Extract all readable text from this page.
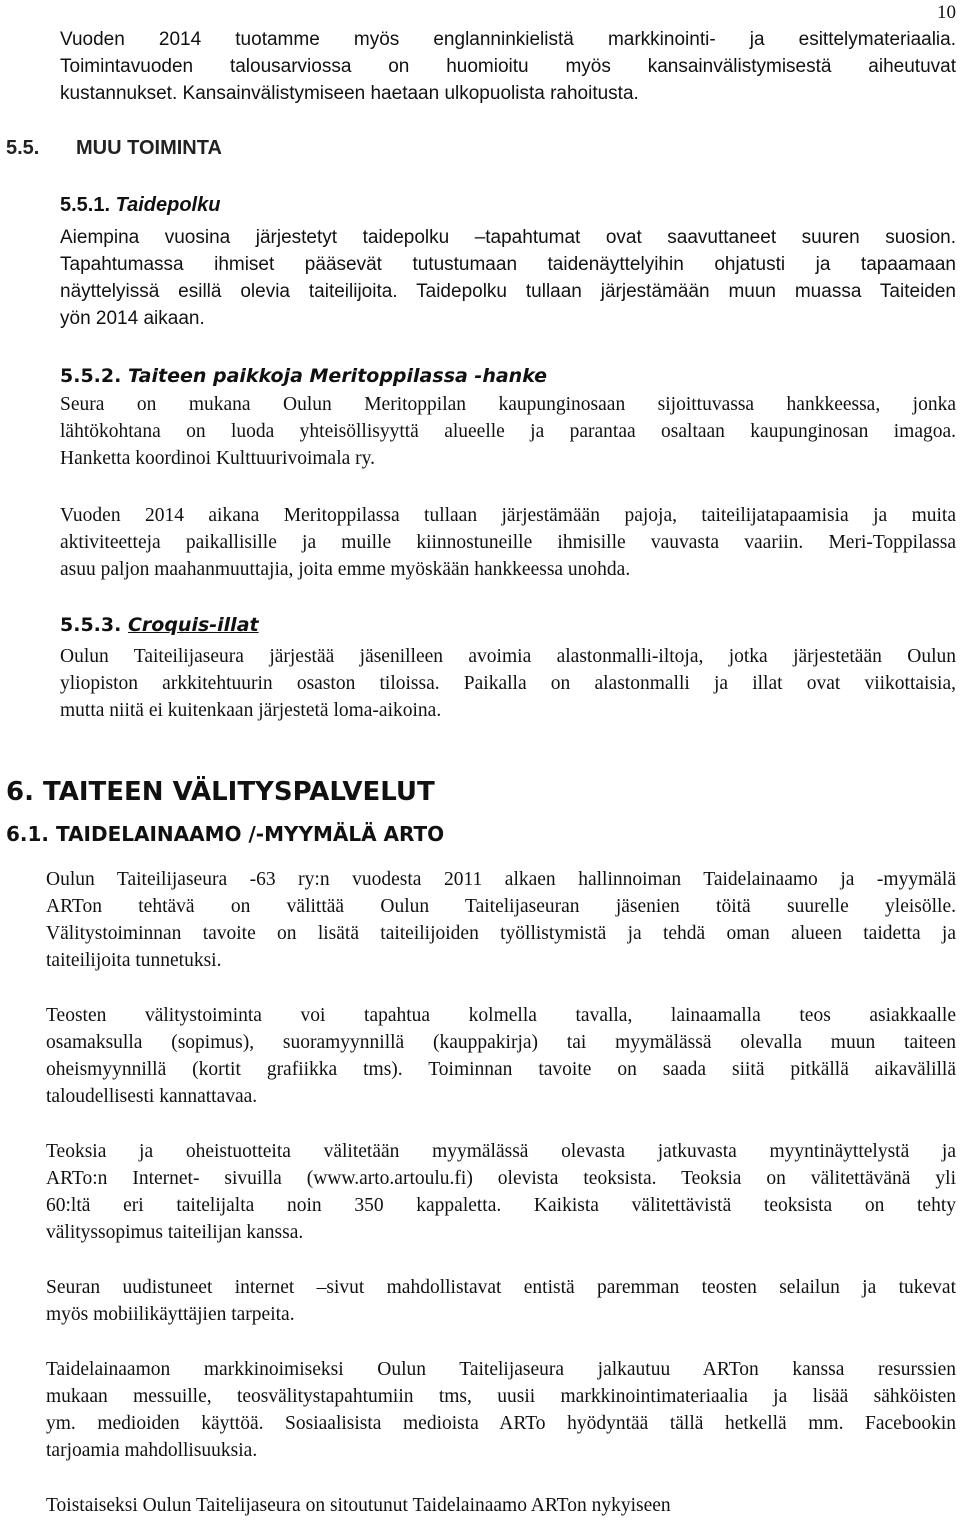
10
Vuoden 2014 tuotamme myös englanninkielistä markkinointi- ja esittelymateriaalia.
Toimintavuoden talousarviossa on huomioitu myös kansainvälistymisestä aiheutuvat
kustannukset. Kansainvälistymiseen haetaan ulkopuolista rahoitusta.
5.5. MUU TOIMINTA
5.5.1. Taidepolku
Aiempina vuosina järjestetyt taidepolku –tapahtumat ovat saavuttaneet suuren suosion.
Tapahtumassa ihmiset pääsevät tutustumaan taidenäyttelyihin ohjatusti ja tapaamaan
näyttelyissä esillä olevia taiteilijoita. Taidepolku tullaan järjestämään muun muassa Taiteiden
yön 2014 aikaan.
5.5.2. Taiteen paikkoja Meritoppilassa -hanke
Seura on mukana Oulun Meritoppilan kaupunginosaan sijoittuvassa hankkeessa, jonka
lähtökohtana on luoda yhteisöllisyyttä alueelle ja parantaa osaltaan kaupunginosan imagoa.
Hanketta koordinoi Kulttuurivoimala ry.
Vuoden 2014 aikana Meritoppilassa tullaan järjestämään pajoja, taiteilijatapaamisia ja muita
aktiviteetteja paikallisille ja muille kiinnostuneille ihmisille vauvasta vaariin. Meri-Toppilassa
asuu paljon maahanmuuttajia, joita emme myöskään hankkeessa unohda.
5.5.3. Croquis-illat
Oulun Taiteilijaseura järjestää jäsenilleen avoimia alastonmalli-iltoja, jotka järjestetään Oulun
yliopiston arkkitehtuurin osaston tiloissa. Paikalla on alastonmalli ja illat ovat viikottaisia,
mutta niitä ei kuitenkaan järjestetä loma-aikoina.
6. TAITEEN VÄLITYSPALVELUT
6.1. TAIDELAINAAMO /-MYYMÄLÄ ARTO
Oulun Taiteilijaseura -63 ry:n vuodesta 2011 alkaen hallinnoiman Taidelainaamo ja -myymälä
ARTon tehtävä on välittää Oulun Taitelijaseuran jäsenien töitä suurelle yleisölle.
Välitystoiminnan tavoite on lisätä taiteilijoiden työllistymistä ja tehdä oman alueen taidetta ja
taiteilijoita tunnetuksi.
Teosten välitystoiminta voi tapahtua kolmella tavalla, lainaamalla teos asiakkaalle
osamaksulla (sopimus), suoramyynnillä (kauppakirja) tai myymälässä olevalla muun taiteen
oheismyynnillä (kortit grafiikka tms). Toiminnan tavoite on saada siitä pitkällä aikavälillä
taloudellisesti kannattavaa.
Teoksia ja oheistuotteita välitetään myymälässä olevasta jatkuvasta myyntinäyttelystä ja
ARTo:n Internet- sivuilla (www.arto.artoulu.fi) olevista teoksista. Teoksia on välitettävänä yli
60:ltä eri taitelijalta noin 350 kappaletta. Kaikista välitettävistä teoksista on tehty
välityssopimus taiteilijan kanssa.
Seuran uudistuneet internet –sivut mahdollistavat entistä paremman teosten selailun ja tukevat
myös mobiilikäyttäjien tarpeita.
Taidelainaamon markkinoimiseksi Oulun Taitelijaseura jalkautuu ARTon kanssa resurssien
mukaan messuille, teosvälitystapahtumiin tms, uusii markkinointimateriaalia ja lisää sähköisten
ym. medioiden käyttöä. Sosiaalisista medioista ARTo hyödyntää tällä hetkellä mm. Facebookin
tarjoamia mahdollisuuksia.
Toistaiseksi Oulun Taitelijaseura on sitoutunut Taidelainaamo ARTon nykyiseen
